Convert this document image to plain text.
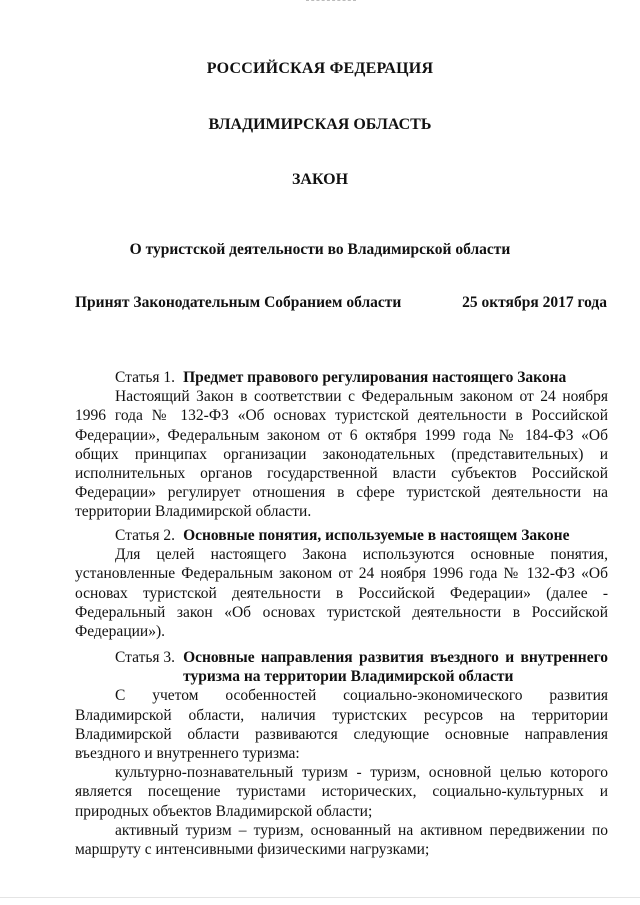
РОССИЙСКАЯ ФЕДЕРАЦИЯ
ВЛАДИМИРСКАЯ ОБЛАСТЬ
ЗАКОН
О туристской деятельности во Владимирской области
Принят Законодательным Собранием области	25 октября 2017 года
Статья 1. Предмет правового регулирования настоящего Закона

Настоящий Закон в соответствии с Федеральным законом от 24 ноября 1996 года № 132-ФЗ «Об основах туристской деятельности в Российской Федерации», Федеральным законом от 6 октября 1999 года № 184-ФЗ «Об общих принципах организации законодательных (представительных) и исполнительных органов государственной власти субъектов Российской Федерации» регулирует отношения в сфере туристской деятельности на территории Владимирской области.

Статья 2. Основные понятия, используемые в настоящем Законе

Для целей настоящего Закона используются основные понятия, установленные Федеральным законом от 24 ноября 1996 года № 132-ФЗ «Об основах туристской деятельности в Российской Федерации» (далее - Федеральный закон «Об основах туристской деятельности в Российской Федерации»).

Статья 3. Основные направления развития въездного и внутреннего туризма на территории Владимирской области

С учетом особенностей социально-экономического развития Владимирской области, наличия туристских ресурсов на территории Владимирской области развиваются следующие основные направления въездного и внутреннего туризма:

культурно-познавательный туризм - туризм, основной целью которого является посещение туристами исторических, социально-культурных и природных объектов Владимирской области;

активный туризм – туризм, основанный на активном передвижении по маршруту с интенсивными физическими нагрузками;
